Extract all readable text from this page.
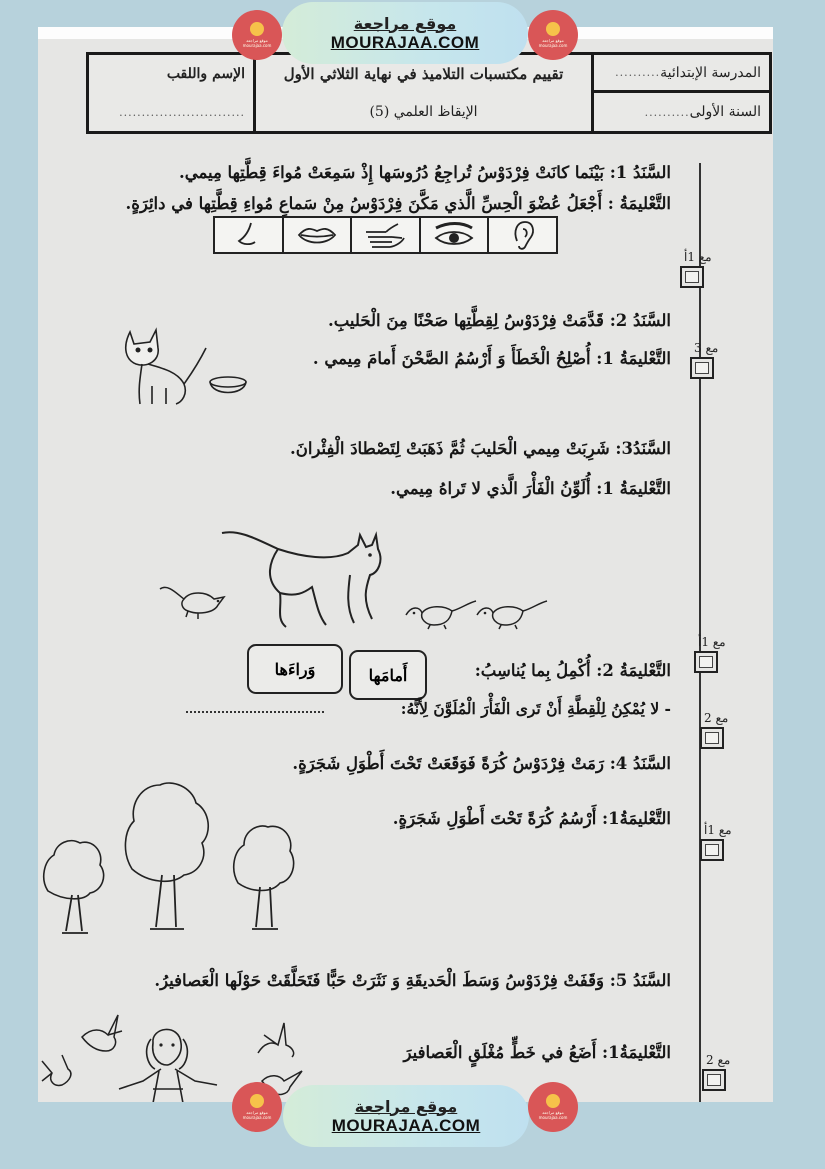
المدرسة الإبتدائية
..........
السنة الأولى
..........
تقييم مكتسبات التلاميذ في نهاية الثلاثي الأول
الإيقاظ العلمي (5)
الإسم واللقب
............................
السَّنَدُ 1: بَيْنَما كانَتْ فِرْدَوْسُ تُراجِعُ دُرُوسَها إِذْ سَمِعَتْ مُواءَ قِطَّتِها مِيمي.
التَّعْليمَةُ : أَجْعَلُ عُضْوَ الْحِسِّ الَّذي مَكَّنَ فِرْدَوْسُ مِنْ سَماعِ مُواءِ قِطَّتِها في دائِرَةٍ.
السَّنَدُ 2: قَدَّمَتْ فِرْدَوْسُ لِقِطَّتِها صَحْنًا مِنَ الْحَليبِ.
التَّعْليمَةُ 1: أُصْلِحُ الْخَطَأَ وَ أَرْسُمُ الصَّحْنَ أَمامَ مِيمي .
السَّنَدُ3: شَرِبَتْ مِيمي الْحَليبَ ثُمَّ ذَهَبَتْ لِتَصْطادَ الْفِئْرانَ.
التَّعْليمَةُ 1: أُلَوِّنُ الْفَأْرَ الَّذي لا تَراهُ مِيمي.
التَّعْليمَةُ 2: أُكْمِلُ بِما يُناسِبُ:
أَمامَها
وَراءَها
- لا يُمْكِنُ لِلْقِطَّةِ أَنْ تَرى الْفَأْرَ الْمُلَوَّنَ لِأَنَّهُ:
السَّنَدُ 4: رَمَتْ فِرْدَوْسُ كُرَةً فَوَقَعَتْ تَحْتَ أَطْوَلِ شَجَرَةٍ.
التَّعْليمَةُ1: أَرْسُمُ كُرَةً تَحْتَ أَطْوَلِ شَجَرَةٍ.
السَّنَدُ 5: وَقَفَتْ فِرْدَوْسُ وَسَطَ الْحَديقَةِ وَ نَثَرَتْ حَبًّا فَتَحَلَّقَتْ حَوْلَها الْعَصافيرُ.
التَّعْليمَةُ1: أَضَعُ في خَطٍّ مُغْلَقٍ الْعَصافيرَ
مع 1أ
مع 3
مع 1أ
مع 2
مع 1أ
مع 2
موقع مراجعة
mourajaa.com
موقع مراجعة
MOURAJAA.COM	موقع مراجعة
mourajaa.com
موقع مراجعة
mourajaa.com
موقع مراجعة
MOURAJAA.COM
موقع مراجعة
mourajaa.com
